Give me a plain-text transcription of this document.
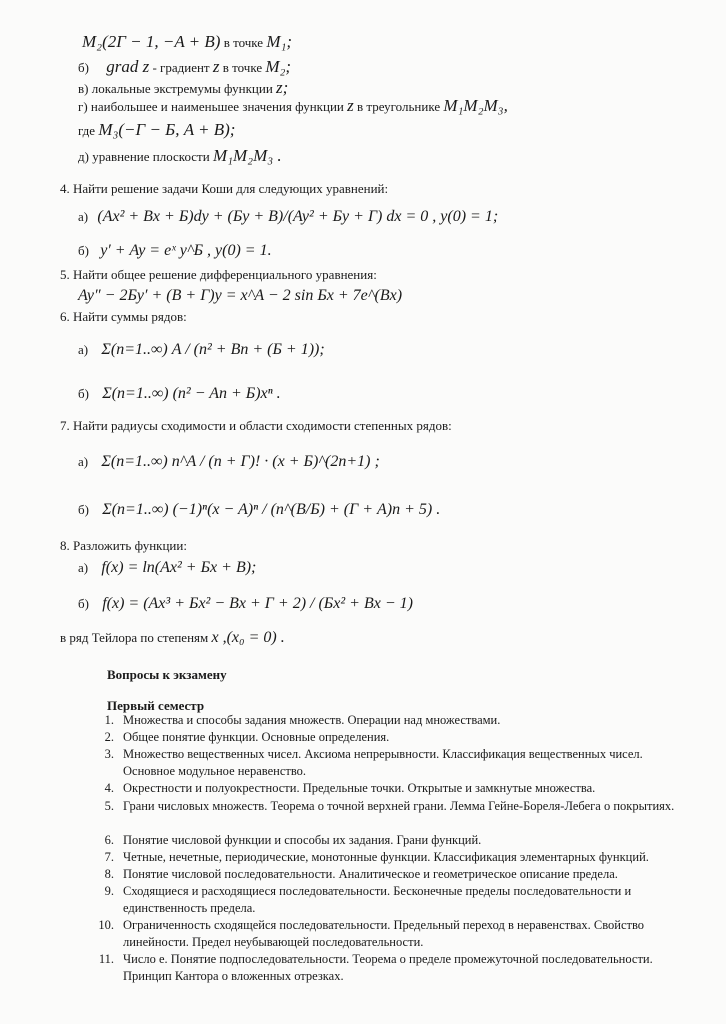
M₂(2Г − 1, −A + B) в точке M₁;
б) grad z - градиент z в точке M₂;
в) локальные экстремумы функции z;
г) наибольшее и наименьшее значения функции z в треугольнике M₁M₂M₃,
где M₃(−Г − Б, A + B);
д) уравнение плоскости M₁M₂M₃ .
4. Найти решение задачи Коши для следующих уравнений:
а) (Ax² + Bx + Б)dy + (Бy + B)/(Ay² + Бy + Г) dx = 0 , y(0) = 1;
б) y′ + Ay = eˣ y^Б , y(0) = 1.
5. Найти общее решение дифференциального уравнения:
Ay″ − 2Бy′ + (B + Г)y = x^A − 2 sin Бx + 7e^(Bx)
6. Найти суммы рядов:
а) Σ(n=1..∞) A / (n² + Bn + (Б + 1));
б) Σ(n=1..∞) (n² − An + Б)xⁿ .
7. Найти радиусы сходимости и области сходимости степенных рядов:
а) Σ(n=1..∞) n^A / (n + Г)! · (x + Б)^(2n+1) ;
б) Σ(n=1..∞) (−1)ⁿ(x − A)ⁿ / (n^(B/Б) + (Г + A)n + 5) .
8. Разложить функции:
а) f(x) = ln(Ax² + Бx + B);
б) f(x) = (Ax³ + Бx² − Bx + Г + 2) / (Бx² + Bx − 1)
в ряд Тейлора по степеням x ,(x₀ = 0) .
Вопросы к экзамену
Первый семестр
1. Множества и способы задания множеств. Операции над множествами.
2. Общее понятие функции. Основные определения.
3. Множество вещественных чисел. Аксиома непрерывности. Классификация вещественных чисел. Основное модульное неравенство.
4. Окрестности и полуокрестности. Предельные точки. Открытые и замкнутые множества.
5. Грани числовых множеств. Теорема о точной верхней грани. Лемма Гейне-Бореля-Лебега о покрытиях.
6. Понятие числовой функции и способы их задания. Грани функций.
7. Четные, нечетные, периодические, монотонные функции. Классификация элементарных функций.
8. Понятие числовой последовательности. Аналитическое и геометрическое описание предела.
9. Сходящиеся и расходящиеся последовательности. Бесконечные пределы последовательности и единственность предела.
10. Ограниченность сходящейся последовательности. Предельный переход в неравенствах. Свойство линейности. Предел неубывающей последовательности.
11. Число е. Понятие подпоследовательности. Теорема о пределе промежуточной последовательности. Принцип Кантора о вложенных отрезках.
